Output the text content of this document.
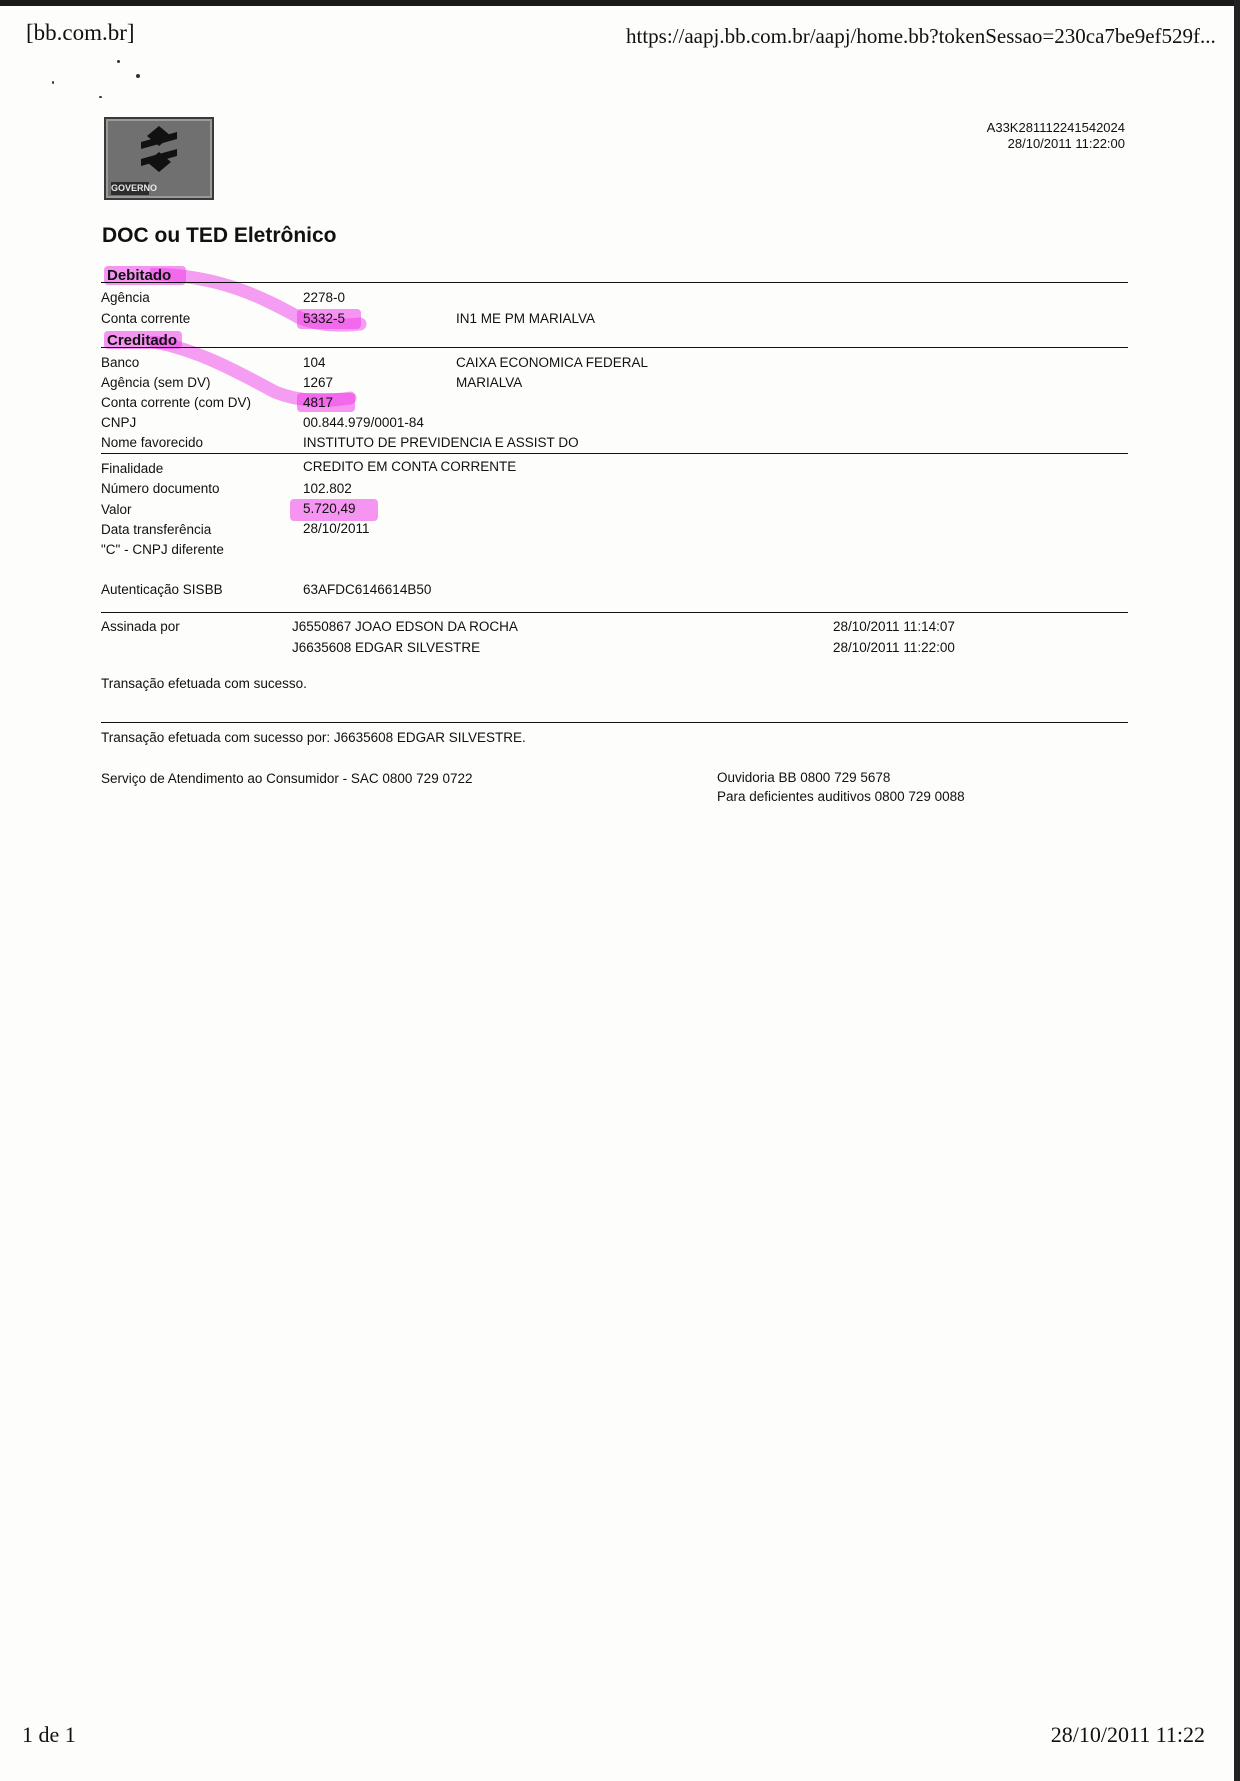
[bb.com.br]	https://aapj.bb.com.br/aapj/home.bb?tokenSessao=230ca7be9ef529f...
GOVERNO
A33K281112241542024
28/10/2011 11:22:00
DOC ou TED Eletrônico
Debitado
Agência	2278-0
Conta corrente	5332-5	IN1 ME PM MARIALVA
Creditado
Banco	104	CAIXA ECONOMICA FEDERAL
Agência (sem DV)	1267	MARIALVA
Conta corrente (com DV)	4817
CNPJ	00.844.979/0001-84
Nome favorecido	INSTITUTO DE PREVIDENCIA E ASSIST DO
Finalidade	CREDITO EM CONTA CORRENTE
Número documento	102.802
Valor	5.720,49
Data transferência	28/10/2011
"C" - CNPJ diferente
Autenticação SISBB	63AFDC6146614B50
Assinada por	J6550867 JOAO EDSON DA ROCHA	28/10/2011 11:14:07
J6635608 EDGAR SILVESTRE	28/10/2011 11:22:00
Transação efetuada com sucesso.
Transação efetuada com sucesso por: J6635608 EDGAR SILVESTRE.
Serviço de Atendimento ao Consumidor - SAC 0800 729 0722	Ouvidoria BB 0800 729 5678
Para deficientes auditivos 0800 729 0088
1 de 1	28/10/2011 11:22
